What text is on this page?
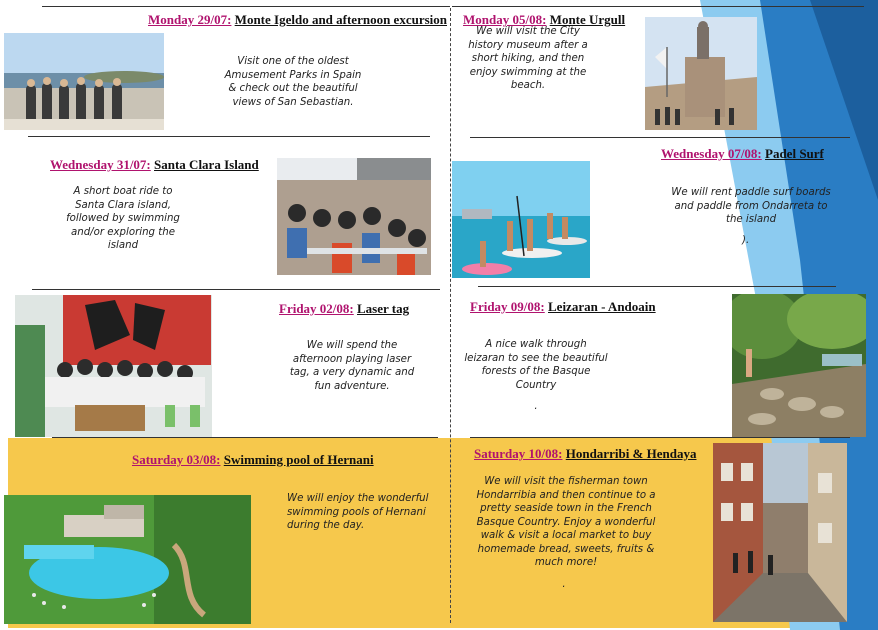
Monday 29/07: Monte Igeldo and afternoon excursion
Visit one of the oldest Amusement Parks in Spain & check out the beautiful views of San Sebastian.
Monday 05/08: Monte Urgull
We will visit the City history museum after a short hiking, and then enjoy swimming at the beach.
Wednesday 31/07: Santa Clara Island
A short boat ride to Santa Clara island, followed by swimming and/or exploring the island
Wednesday 07/08: Padel Surf
We will rent paddle surf boards and paddle from Ondarreta to the island
).
Friday 02/08: Laser tag
We will spend the afternoon playing laser tag, a very dynamic and fun adventure.
Friday 09/08: Leizaran - Andoain
A nice walk through leizaran to see the beautiful forests of the Basque Country
.
Saturday 03/08: Swimming pool of Hernani
We will enjoy the wonderful swimming pools of Hernani during the day.
Saturday 10/08: Hondarribi & Hendaya
We will visit the fisherman town Hondarribia and then continue to a pretty seaside town in the French Basque Country. Enjoy a wonderful walk & visit a local market to buy homemade bread, sweets, fruits & much more!
.
